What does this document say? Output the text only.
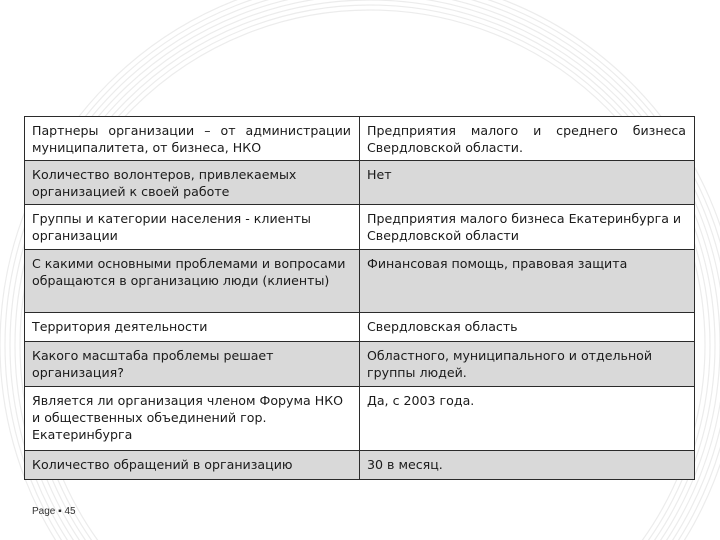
Партнеры организации – от администрации муниципалитета, от бизнеса, НКО	Предприятия малого и среднего бизнеса Свердловской области.
Количество волонтеров, привлекаемых организацией к своей работе	Нет
Группы и категории населения - клиенты организации	Предприятия малого бизнеса Екатеринбурга и Свердловской области
С какими основными проблемами и вопросами обращаются в организацию люди (клиенты)	Финансовая помощь, правовая защита
Территория деятельности	Свердловская область
Какого масштаба проблемы решает организация?	Областного, муниципального и отдельной группы людей.
Является ли организация членом Форума НКО и общественных объединений гор. Екатеринбурга	Да, с 2003 года.
Количество обращений в организацию	30 в месяц.
Page ▪ 45
